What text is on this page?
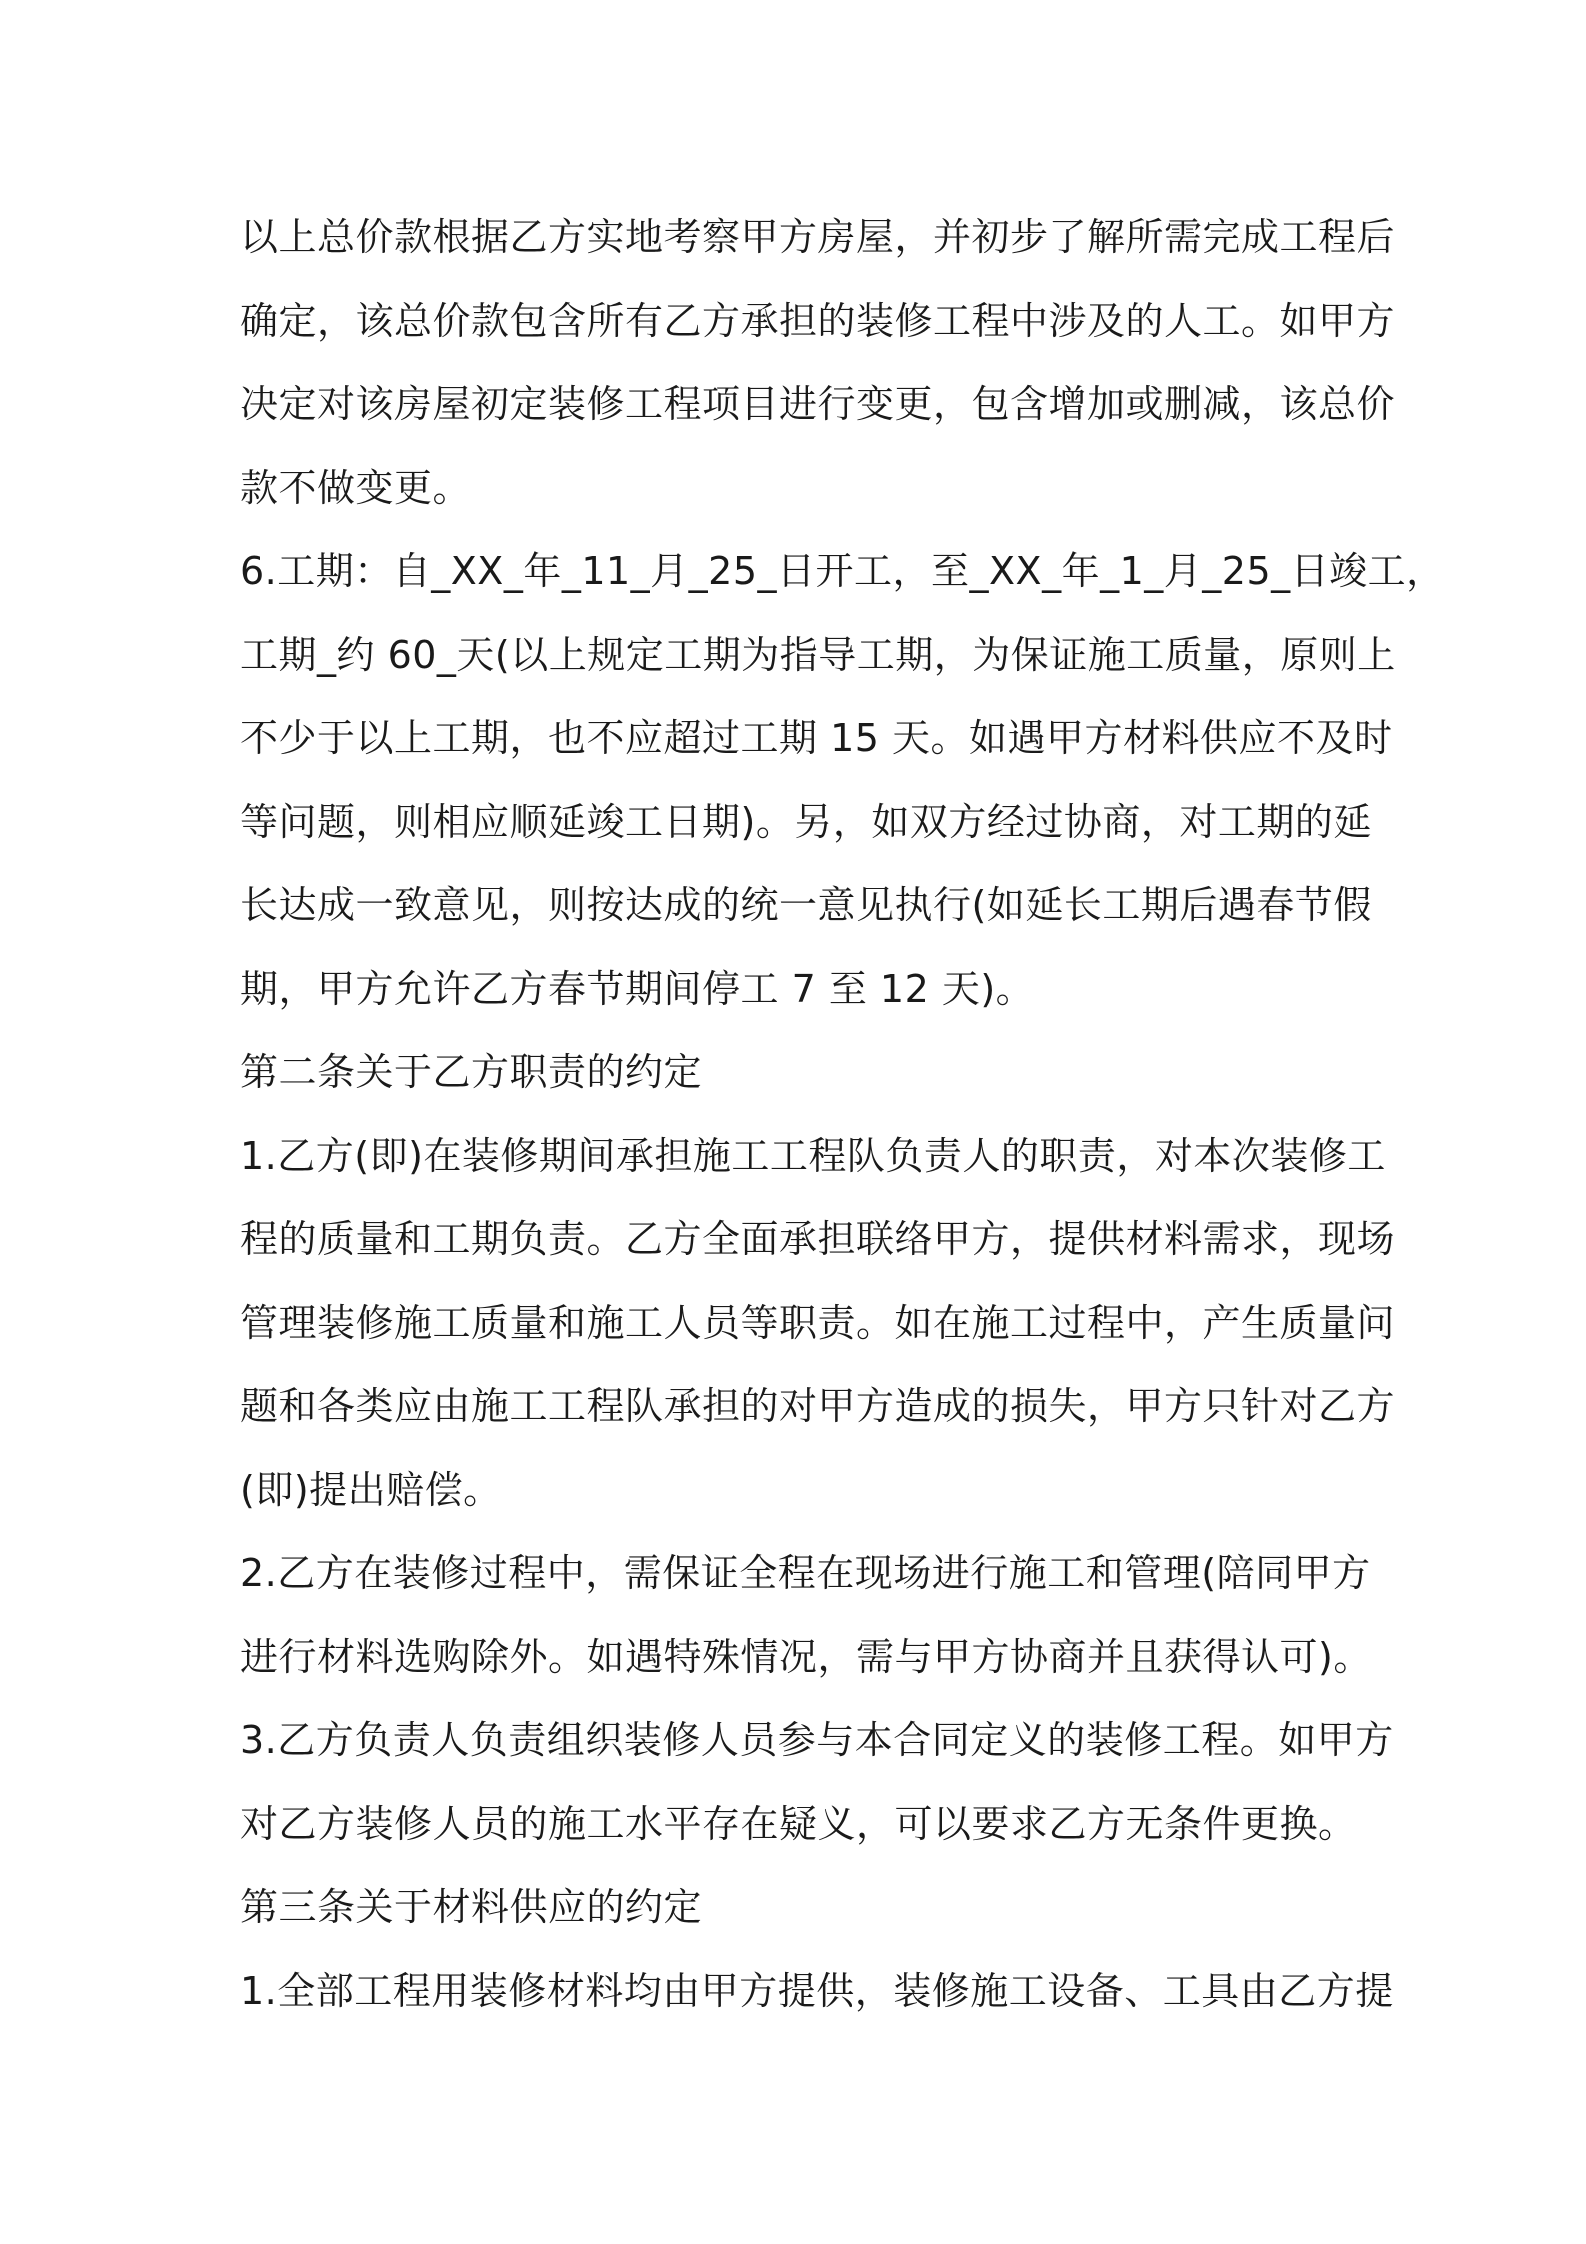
以上总价款根据乙方实地考察甲方房屋，并初步了解所需完成工程后
确定，该总价款包含所有乙方承担的装修工程中涉及的人工。如甲方
决定对该房屋初定装修工程项目进行变更，包含增加或删减，该总价
款不做变更。
6.工期：自_XX_年_11_月_25_日开工，至_XX_年_1_月_25_日竣工，
工期_约 60_天(以上规定工期为指导工期，为保证施工质量，原则上
不少于以上工期，也不应超过工期 15 天。如遇甲方材料供应不及时
等问题，则相应顺延竣工日期)。另，如双方经过协商，对工期的延
长达成一致意见，则按达成的统一意见执行(如延长工期后遇春节假
期，甲方允许乙方春节期间停工 7 至 12 天)。
第二条关于乙方职责的约定
1.乙方(即)在装修期间承担施工工程队负责人的职责，对本次装修工
程的质量和工期负责。乙方全面承担联络甲方，提供材料需求，现场
管理装修施工质量和施工人员等职责。如在施工过程中，产生质量问
题和各类应由施工工程队承担的对甲方造成的损失，甲方只针对乙方
(即)提出赔偿。
2.乙方在装修过程中，需保证全程在现场进行施工和管理(陪同甲方
进行材料选购除外。如遇特殊情况，需与甲方协商并且获得认可)。
3.乙方负责人负责组织装修人员参与本合同定义的装修工程。如甲方
对乙方装修人员的施工水平存在疑义，可以要求乙方无条件更换。
第三条关于材料供应的约定
1.全部工程用装修材料均由甲方提供，装修施工设备、工具由乙方提
